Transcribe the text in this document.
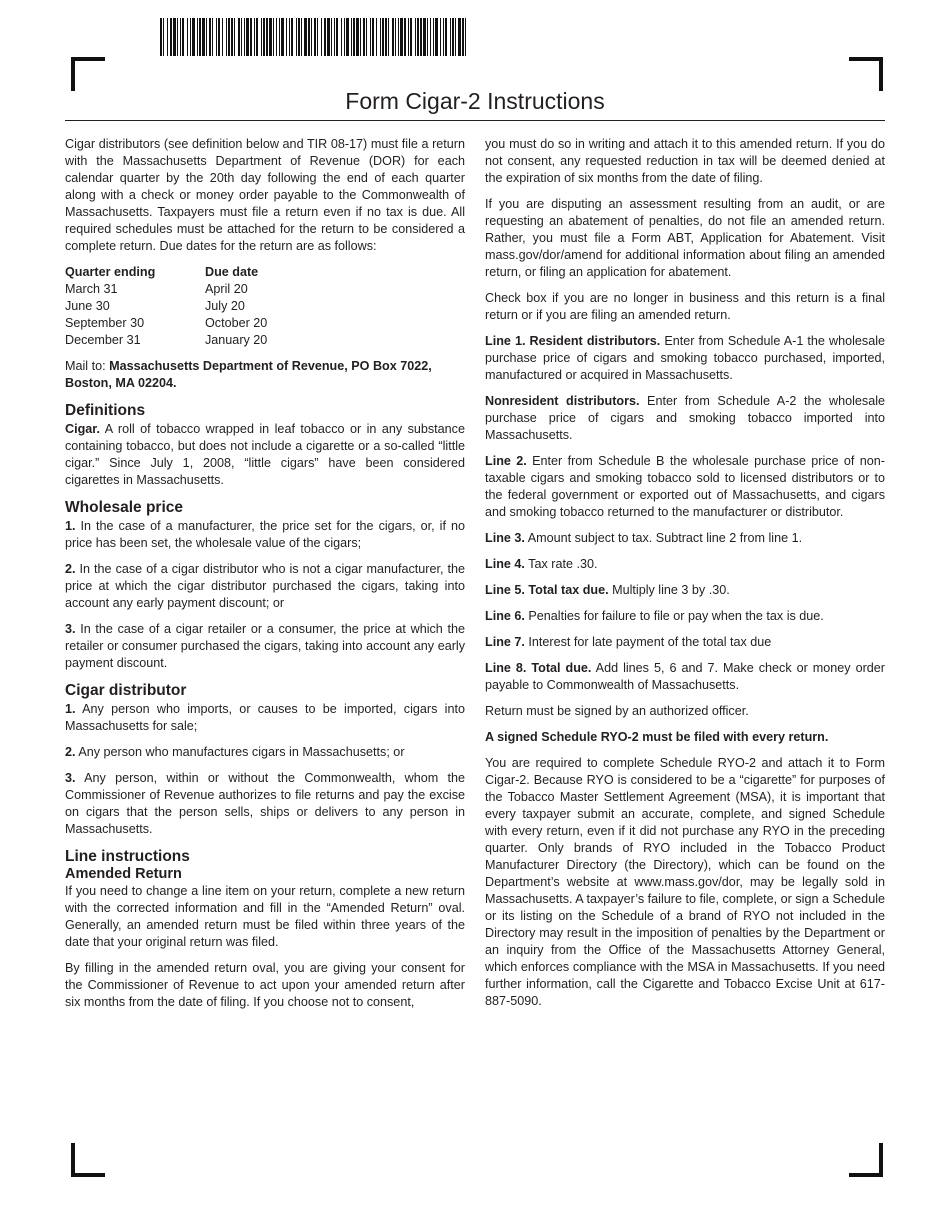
Form Cigar-2 Instructions

Cigar distributors (see definition below and TIR 08-17) must file a return with the Massachusetts Department of Revenue (DOR) for each calendar quarter by the 20th day following the end of each quarter along with a check or money order payable to the Commonwealth of Massachusetts. Taxpayers must file a return even if no tax is due. All required schedules must be attached for the return to be considered a complete return. Due dates for the return are as follows:

Quarter ending	Due date
March 31	April 20
June 30	July 20
September 30	October 20
December 31	January 20

Mail to: Massachusetts Department of Revenue, PO Box 7022, Boston, MA 02204.

Definitions

Cigar. A roll of tobacco wrapped in leaf tobacco or in any substance containing tobacco, but does not include a cigarette or a so-called “little cigar.” Since July 1, 2008, “little cigars” have been considered cigarettes in Massachusetts.

Wholesale price

1. In the case of a manufacturer, the price set for the cigars, or, if no price has been set, the wholesale value of the cigars;

2. In the case of a cigar distributor who is not a cigar manufacturer, the price at which the cigar distributor purchased the cigars, taking into account any early payment discount; or

3. In the case of a cigar retailer or a consumer, the price at which the retailer or consumer purchased the cigars, taking into account any early payment discount.

Cigar distributor

1. Any person who imports, or causes to be imported, cigars into Massachusetts for sale;

2. Any person who manufactures cigars in Massachusetts; or

3. Any person, within or without the Commonwealth, whom the Commissioner of Revenue authorizes to file returns and pay the excise on cigars that the person sells, ships or delivers to any person in Massachusetts.

Line instructions
Amended Return

If you need to change a line item on your return, complete a new return with the corrected information and fill in the “Amended Return” oval. Generally, an amended return must be filed within three years of the date that your original return was filed.

By filling in the amended return oval, you are giving your consent for the Commissioner of Revenue to act upon your amended return after six months from the date of filing. If you choose not to consent,

you must do so in writing and attach it to this amended return. If you do not consent, any requested reduction in tax will be deemed denied at the expiration of six months from the date of filing.

If you are disputing an assessment resulting from an audit, or are requesting an abatement of penalties, do not file an amended return. Rather, you must file a Form ABT, Application for Abatement. Visit mass.gov/dor/amend for additional information about filing an amended return, or filing an application for abatement.

Check box if you are no longer in business and this return is a final return or if you are filing an amended return.

Line 1. Resident distributors. Enter from Schedule A-1 the wholesale purchase price of cigars and smoking tobacco purchased, imported, manufactured or acquired in Massachusetts.

Nonresident distributors. Enter from Schedule A-2 the wholesale purchase price of cigars and smoking tobacco imported into Massachusetts.

Line 2. Enter from Schedule B the wholesale purchase price of non-taxable cigars and smoking tobacco sold to licensed distributors or to the federal government or exported out of Massachusetts, and cigars and smoking tobacco returned to the manufacturer or distributor.

Line 3. Amount subject to tax. Subtract line 2 from line 1.

Line 4. Tax rate .30.

Line 5. Total tax due. Multiply line 3 by .30.

Line 6. Penalties for failure to file or pay when the tax is due.

Line 7. Interest for late payment of the total tax due

Line 8. Total due. Add lines 5, 6 and 7. Make check or money order payable to Commonwealth of Massachusetts.

Return must be signed by an authorized officer.

A signed Schedule RYO-2 must be filed with every return.

You are required to complete Schedule RYO-2 and attach it to Form Cigar-2. Because RYO is considered to be a “cigarette” for purposes of the Tobacco Master Settlement Agreement (MSA), it is important that every taxpayer submit an accurate, complete, and signed Schedule with every return, even if it did not purchase any RYO in the preceding quarter. Only brands of RYO included in the Tobacco Product Manufacturer Directory (the Directory), which can be found on the Department’s website at www.mass.gov/dor, may be legally sold in Massachusetts. A taxpayer’s failure to file, complete, or sign a Schedule or its listing on the Schedule of a brand of RYO not included in the Directory may result in the imposition of penalties by the Department or an inquiry from the Office of the Massachusetts Attorney General, which enforces compliance with the MSA in Massachusetts. If you need further information, call the Cigarette and Tobacco Excise Unit at 617-887-5090.
